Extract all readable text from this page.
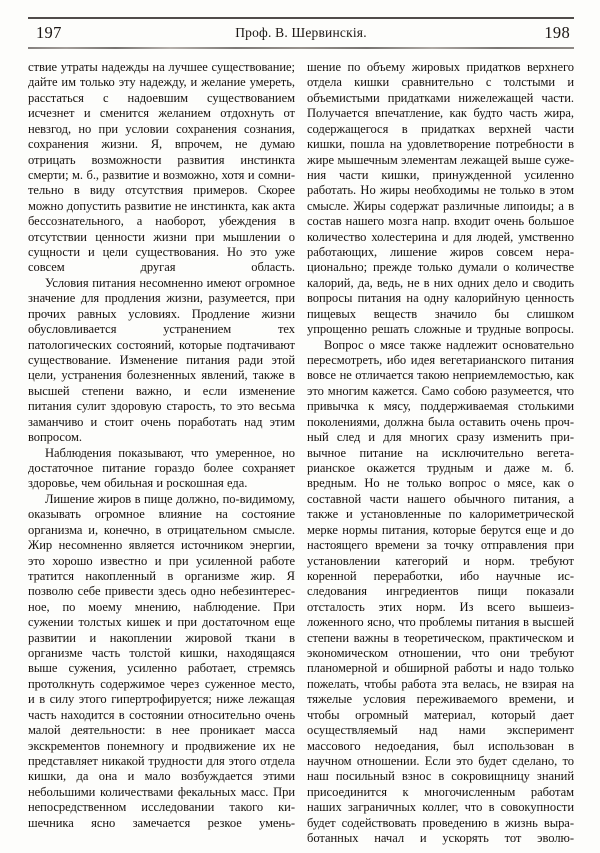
197	Проф. В. Шервинскія.	198

ствие утраты надежды на лучшее существование; дайте им только эту надежду, и желание умереть, расстаться с надоевшим существованием исчезнет и сменится желанием отдохнуть от невзгод, но при условии сохранения сознания, сохранения жизни. Я, впрочем, не думаю отрицать возможности развития инстинкта смерти; м. б., развитие и возможно, хотя и сомнительно в виду отсутствия примеров. Скорее можно допустить развитие не инстинкта, как акта бессознательного, а наоборот, убеждения в отсутствии ценности жизни при мышлении о сущности и цели существования. Но это уже совсем другая область.

Условия питания несомненно имеют огромное значение для продления жизни, разумеется, при прочих равных условиях. Продление жизни обусловливается устранением тех патологических состояний, которые подтачивают существование. Изменение питания ради этой цели, устранения болезненных явлений, также в высшей степени важно, и если изменение питания сулит здоровую старость, то это весьма заманчиво и стоит очень поработать над этим вопросом.

Наблюдения показывают, что умеренное, но достаточное питание гораздо более сохраняет здоровье, чем обильная и роскошная еда.

Лишение жиров в пище должно, по-видимому, оказывать огромное влияние на состояние организма и, конечно, в отрицательном смысле. Жир несомненно является источником энергии, это хорошо известно и при усиленной работе тратится накопленный в организме жир. Я позволю себе привести здесь одно небезинтересное, по моему мнению, наблюдение. При сужении толстых кишек и при достаточном еще развитии и накоплении жировой ткани в организме часть толстой кишки, находящаяся выше сужения, усиленно работает, стремясь протолкнуть содержимое через суженное место, и в силу этого гипертрофируется; ниже лежащая часть находится в состоянии относительно очень малой деятельности: в нее проникает масса экскрементов понемногу и продвижение их не представляет никакой трудности для этого отдела кишки, да она и мало возбуждается этими небольшими количествами фекальных масс. При непосредственном исследовании такого кишечника ясно замечается резкое умень-

шение по объему жировых придатков верхнего отдела кишки сравнительно с толстыми и объемистыми придатками нижележащей части. Получается впечатление, как будто часть жира, содержащегося в придатках верхней части кишки, пошла на удовлетворение потребности в жире мышечным элементам лежащей выше сужения части кишки, принужденной усиленно работать. Но жиры необходимы не только в этом смысле. Жиры содержат различные липоиды; а в состав нашего мозга напр. входит очень большое количество холестерина и для людей, умственно работающих, лишение жиров совсем нерационально; прежде только думали о количестве калорий, да, ведь, не в них одних дело и сводить вопросы питания на одну калорийную ценность пищевых веществ значило бы слишком упрощенно решать сложные и трудные вопросы.

Вопрос о мясе также надлежит основательно пересмотреть, ибо идея вегетарианского питания вовсе не отличается такою неприемлемостью, как это многим кажется. Само собою разумеется, что привычка к мясу, поддерживаемая столькими поколениями, должна была оставить очень прочный след и для многих сразу изменить привычное питание на исключительно вегетарианское окажется трудным и даже м. б. вредным. Но не только вопрос о мясе, как о составной части нашего обычного питания, а также и установленные по калориметрической мерке нормы питания, которые берутся еще и до настоящего времени за точку отправления при установлении категорий и норм. требуют коренной переработки, ибо научные исследования ингредиентов пищи показали отсталость этих норм. Из всего вышеизложенного ясно, что проблемы питания в высшей степени важны в теоретическом, практическом и экономическом отношении, что они требуют планомерной и обширной работы и надо только пожелать, чтобы работа эта велась, не взирая на тяжелые условия переживаемого времени, и чтобы огромный материал, который дает осуществляемый над нами эксперимент массового недоедания, был использован в научном отношении. Если это будет сделано, то наш посильный взнос в сокровищницу знаний присоединится к многочисленным работам наших заграничных коллег, что в совокупности будет содействовать проведению в жизнь выработанных начал и ускорять тот эволю-
